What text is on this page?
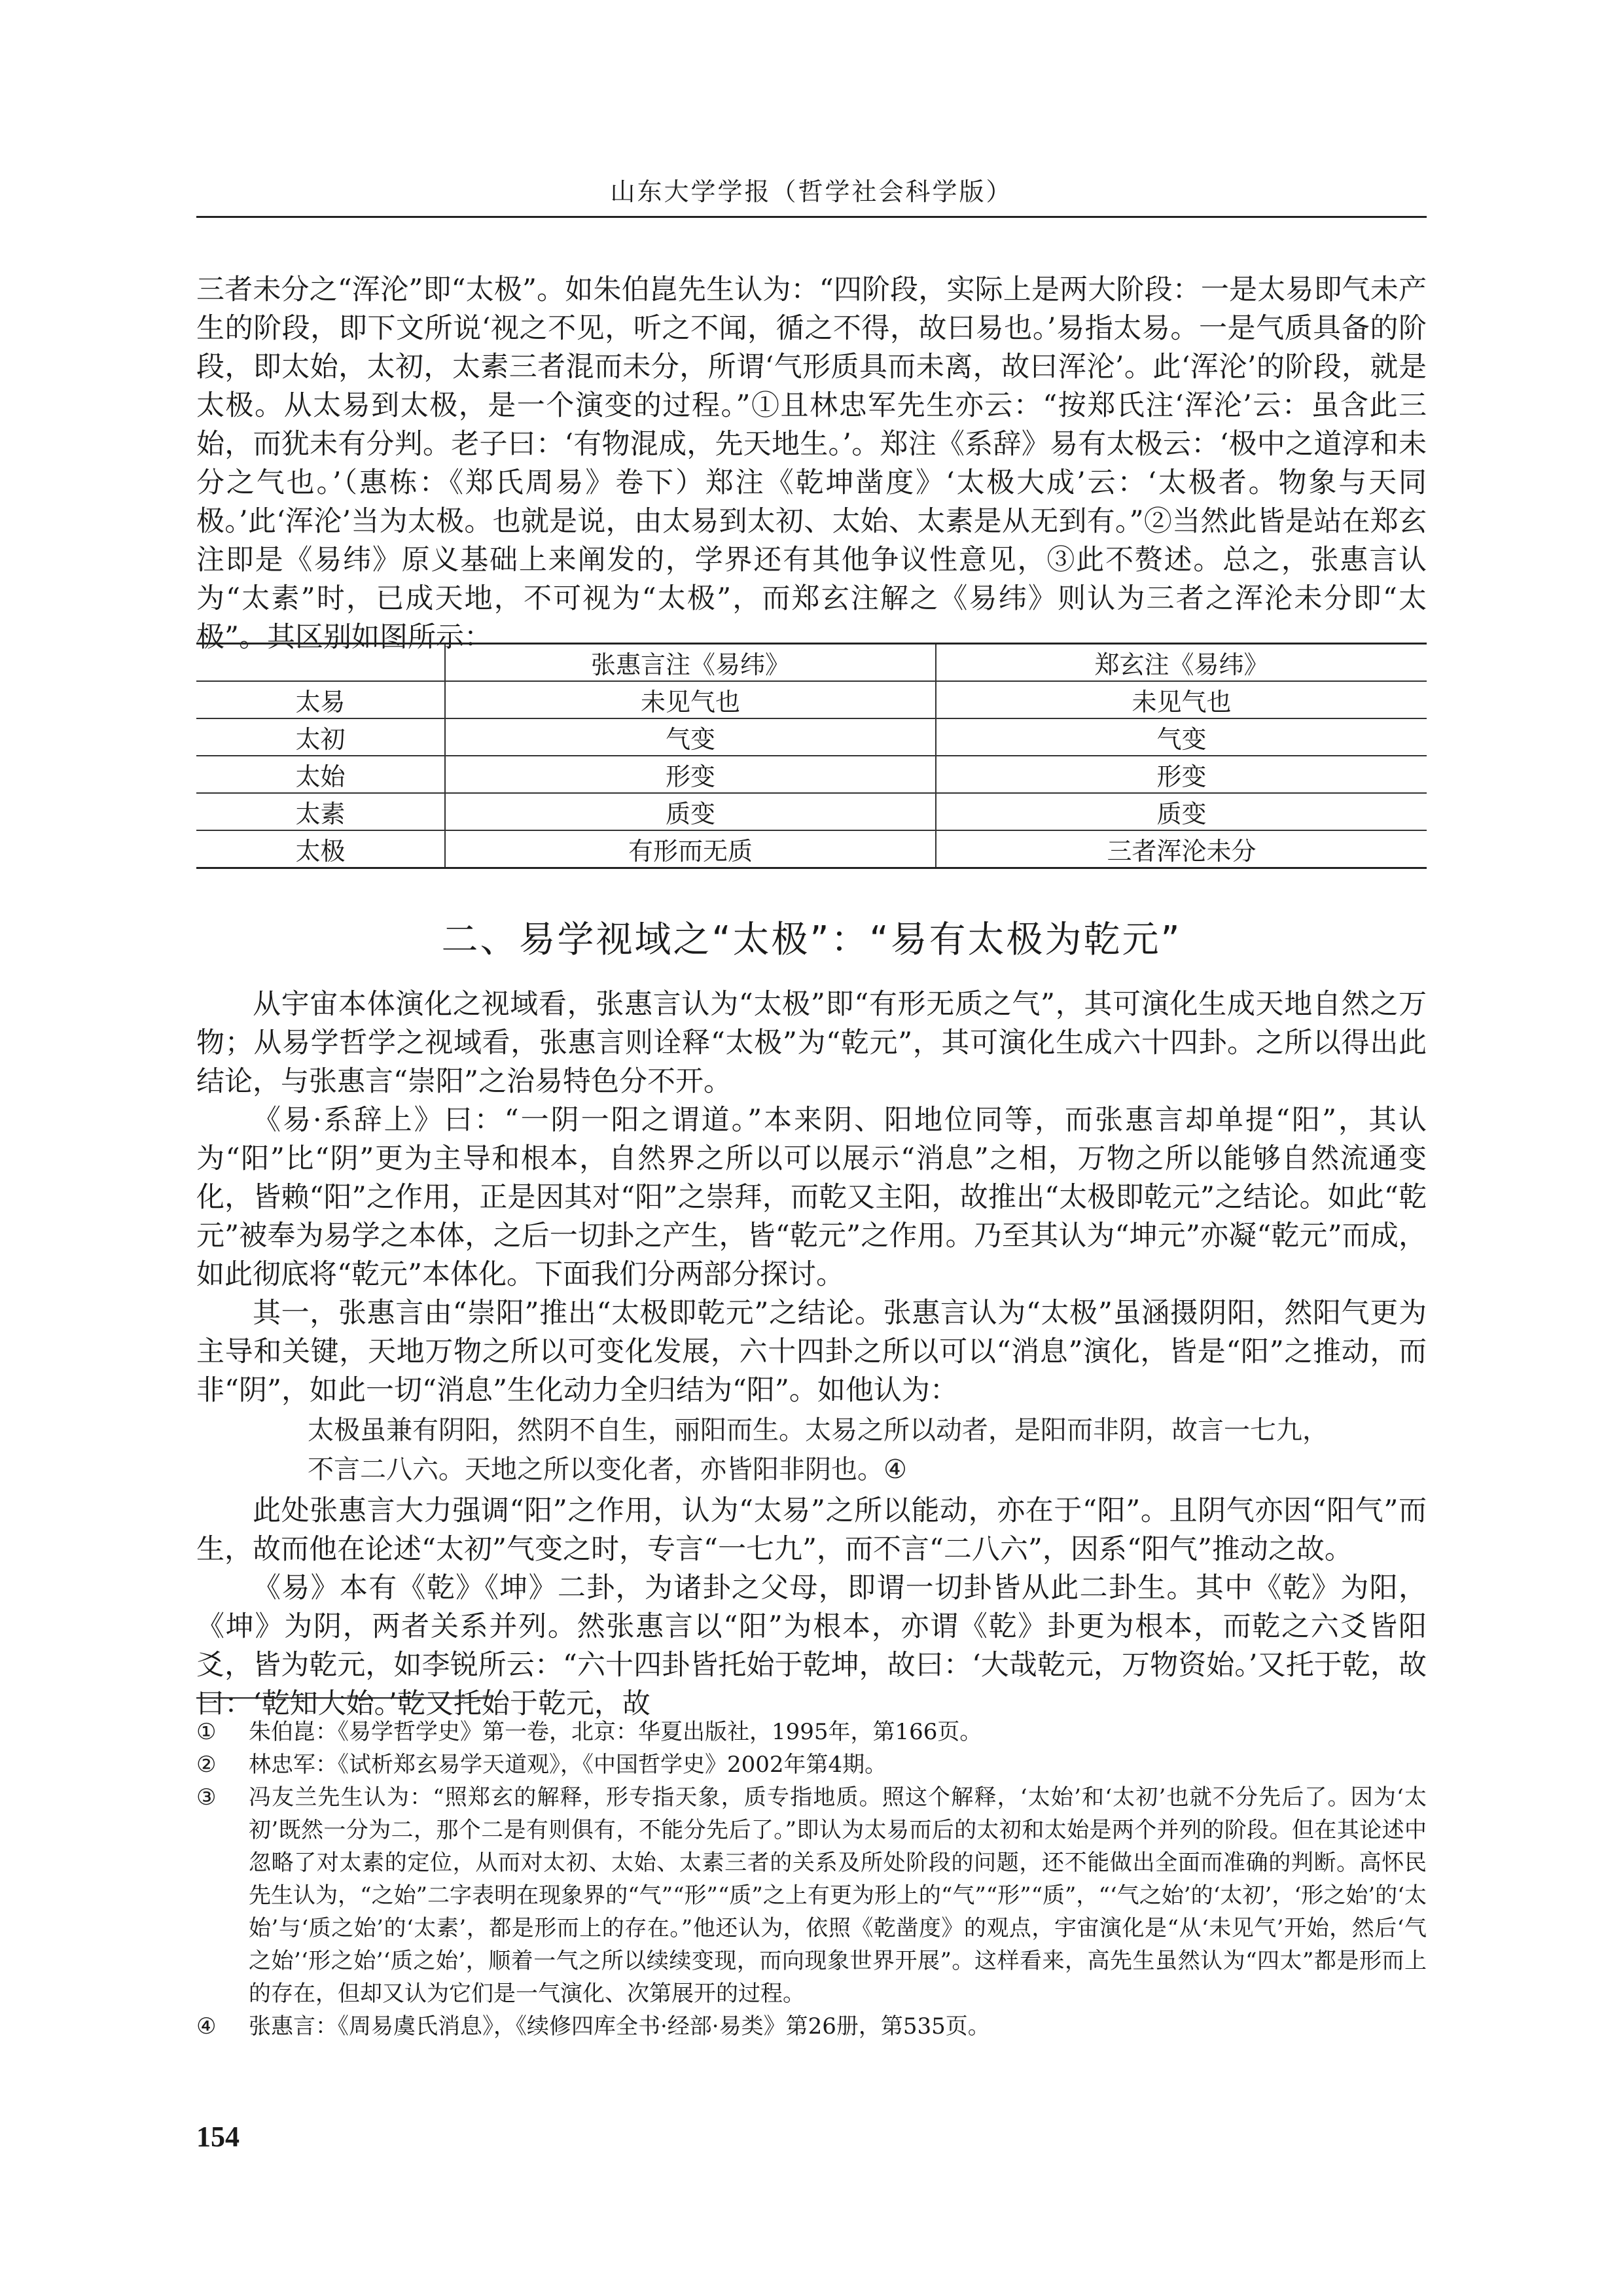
山东大学学报（哲学社会科学版）

三者未分之“浑沦”即“太极”。如朱伯崑先生认为：“四阶段，实际上是两大阶段：一是太易即气未产生的阶段，即下文所说‘视之不见，听之不闻，循之不得，故曰易也。’易指太易。一是气质具备的阶段，即太始，太初，太素三者混而未分，所谓‘气形质具而未离，故曰浑沦’。此‘浑沦’的阶段，就是太极。从太易到太极，是一个演变的过程。”①且林忠军先生亦云：“按郑氏注‘浑沦’云：虽含此三始，而犹未有分判。老子曰：‘有物混成，先天地生。’。郑注《系辞》易有太极云：‘极中之道淳和未分之气也。’（惠栋：《郑氏周易》卷下）郑注《乾坤凿度》‘太极大成’云：‘太极者。物象与天同极。’此‘浑沦’当为太极。也就是说，由太易到太初、太始、太素是从无到有。”②当然此皆是站在郑玄注即是《易纬》原义基础上来阐发的，学界还有其他争议性意见，③此不赘述。总之，张惠言认为“太素”时，已成天地，不可视为“太极”，而郑玄注解之《易纬》则认为三者之浑沦未分即“太极”。其区别如图所示：

	张惠言注《易纬》	郑玄注《易纬》
太易	未见气也	未见气也
太初	气变	气变
太始	形变	形变
太素	质变	质变
太极	有形而无质	三者浑沦未分
二、易学视域之“太极”：“易有太极为乾元”

从宇宙本体演化之视域看，张惠言认为“太极”即“有形无质之气”，其可演化生成天地自然之万物；从易学哲学之视域看，张惠言则诠释“太极”为“乾元”，其可演化生成六十四卦。之所以得出此结论，与张惠言“崇阳”之治易特色分不开。

《易·系辞上》曰：“一阴一阳之谓道。”本来阴、阳地位同等，而张惠言却单提“阳”，其认为“阳”比“阴”更为主导和根本，自然界之所以可以展示“消息”之相，万物之所以能够自然流通变化，皆赖“阳”之作用，正是因其对“阳”之崇拜，而乾又主阳，故推出“太极即乾元”之结论。如此“乾元”被奉为易学之本体，之后一切卦之产生，皆“乾元”之作用。乃至其认为“坤元”亦凝“乾元”而成，如此彻底将“乾元”本体化。下面我们分两部分探讨。

其一，张惠言由“崇阳”推出“太极即乾元”之结论。张惠言认为“太极”虽涵摄阴阳，然阳气更为主导和关键，天地万物之所以可变化发展，六十四卦之所以可以“消息”演化，皆是“阳”之推动，而非“阴”，如此一切“消息”生化动力全归结为“阳”。如他认为：

太极虽兼有阴阳，然阴不自生，丽阳而生。太易之所以动者，是阳而非阴，故言一七九，

不言二八六。天地之所以变化者，亦皆阳非阴也。④

此处张惠言大力强调“阳”之作用，认为“太易”之所以能动，亦在于“阳”。且阴气亦因“阳气”而生，故而他在论述“太初”气变之时，专言“一七九”，而不言“二八六”，因系“阳气”推动之故。

《易》本有《乾》《坤》二卦，为诸卦之父母，即谓一切卦皆从此二卦生。其中《乾》为阳，《坤》为阴，两者关系并列。然张惠言以“阳”为根本，亦谓《乾》卦更为根本，而乾之六爻皆阳爻，皆为乾元，如李锐所云：“六十四卦皆托始于乾坤，故曰：‘大哉乾元，万物资始。’又托于乾，故曰：‘乾知大始。’乾又托始于乾元，故

①	朱伯崑：《易学哲学史》第一卷，北京：华夏出版社，1995年，第166页。
②	林忠军：《试析郑玄易学天道观》，《中国哲学史》2002年第4期。
③	冯友兰先生认为：“照郑玄的解释，形专指天象，质专指地质。照这个解释，‘太始’和‘太初’也就不分先后了。因为‘太初’既然一分为二，那个二是有则俱有，不能分先后了。”即认为太易而后的太初和太始是两个并列的阶段。但在其论述中忽略了对太素的定位，从而对太初、太始、太素三者的关系及所处阶段的问题，还不能做出全面而准确的判断。高怀民先生认为，“之始”二字表明在现象界的“气”“形”“质”之上有更为形上的“气”“形”“质”，“‘气之始’的‘太初’，‘形之始’的‘太始’与‘质之始’的‘太素’，都是形而上的存在。”他还认为，依照《乾凿度》的观点，宇宙演化是“从‘未见气’开始，然后‘气之始’‘形之始’‘质之始’，顺着一气之所以续续变现，而向现象世界开展”。这样看来，高先生虽然认为“四太”都是形而上的存在，但却又认为它们是一气演化、次第展开的过程。
④	张惠言：《周易虞氏消息》，《续修四库全书·经部·易类》第26册，第535页。
154
